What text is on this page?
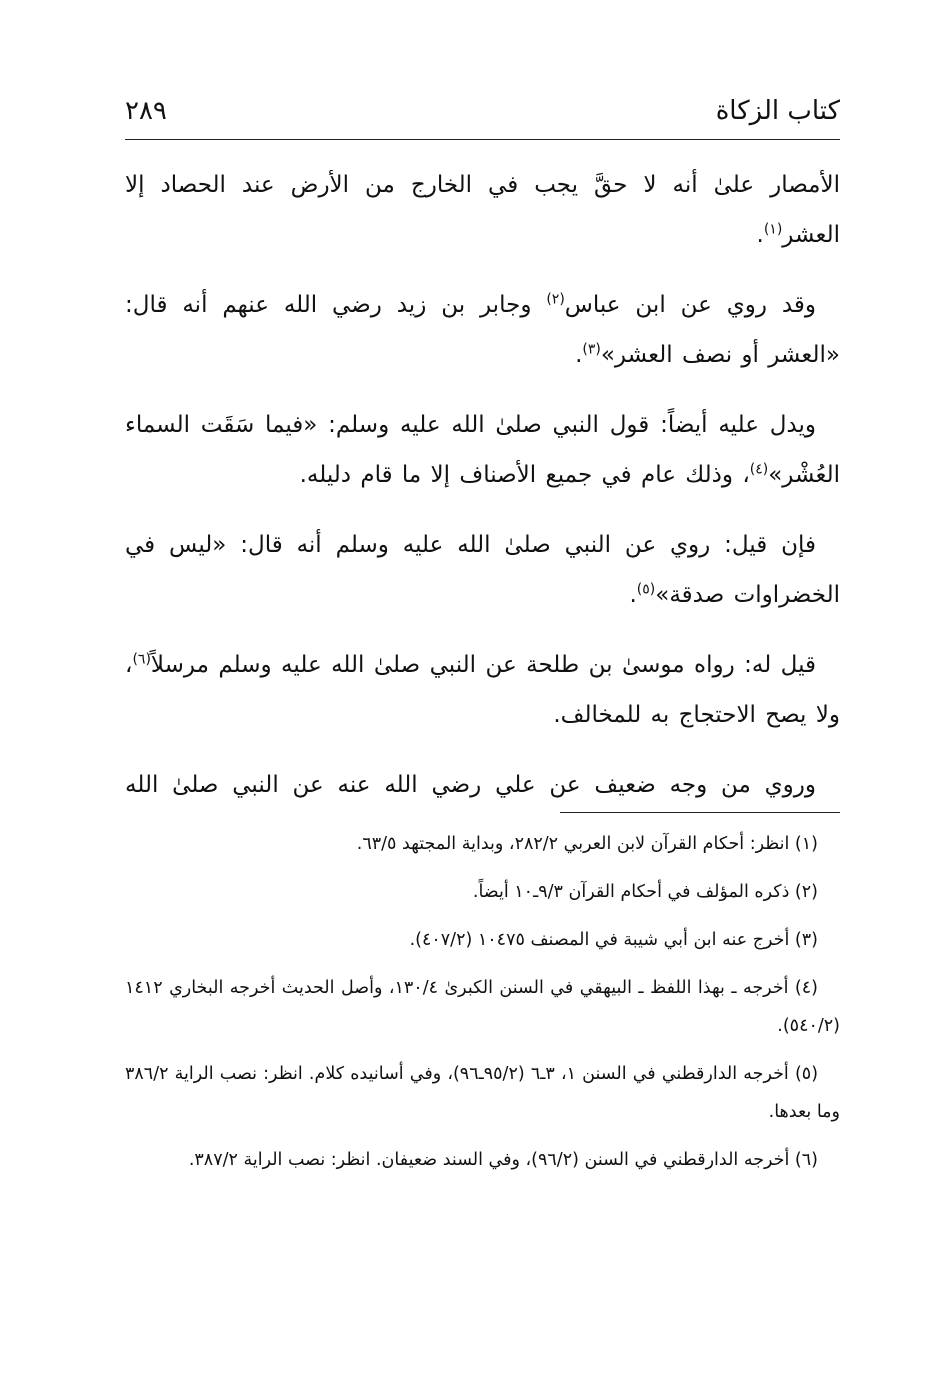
كتاب الزكاة
٢٨٩

الأمصار علىٰ أنه لا حقَّ يجب في الخارج من الأرض عند الحصاد إلا العشر$^{(١)}$.

وقد روي عن ابن عباس$^{(٢)}$ وجابر بن زيد رضي الله عنهم أنه قال: «العشر أو نصف العشر»$^{(٣)}$.

ويدل عليه أيضاً: قول النبي صلىٰ الله عليه وسلم: «فيما سَقَت السماء العُشْر»$^{(٤)}$، وذلك عام في جميع الأصناف إلا ما قام دليله.

فإن قيل: روي عن النبي صلىٰ الله عليه وسلم أنه قال: «ليس في الخضراوات صدقة»$^{(٥)}$.

قيل له: رواه موسىٰ بن طلحة عن النبي صلىٰ الله عليه وسلم مرسلاً$^{(٦)}$، ولا يصح الاحتجاج به للمخالف.

وروي من وجه ضعيف عن علي رضي الله عنه عن النبي صلىٰ الله

(١) انظر: أحكام القرآن لابن العربي ٢٨٢/٢، وبداية المجتهد ٦٣/٥.

(٢) ذكره المؤلف في أحكام القرآن ٩/٣ـ١٠ أيضاً.

(٣) أخرج عنه ابن أبي شيبة في المصنف ١٠٤٧٥ (٤٠٧/٢).

(٤) أخرجه ـ بهذا اللفظ ـ البيهقي في السنن الكبرىٰ ١٣٠/٤، وأصل الحديث أخرجه البخاري ١٤١٢ (٥٤٠/٢).

(٥) أخرجه الدارقطني في السنن ١، ٣ـ٦ (٩٥/٢ـ٩٦)، وفي أسانيده كلام. انظر: نصب الراية ٣٨٦/٢ وما بعدها.

(٦) أخرجه الدارقطني في السنن (٩٦/٢)، وفي السند ضعيفان. انظر: نصب الراية ٣٨٧/٢.
